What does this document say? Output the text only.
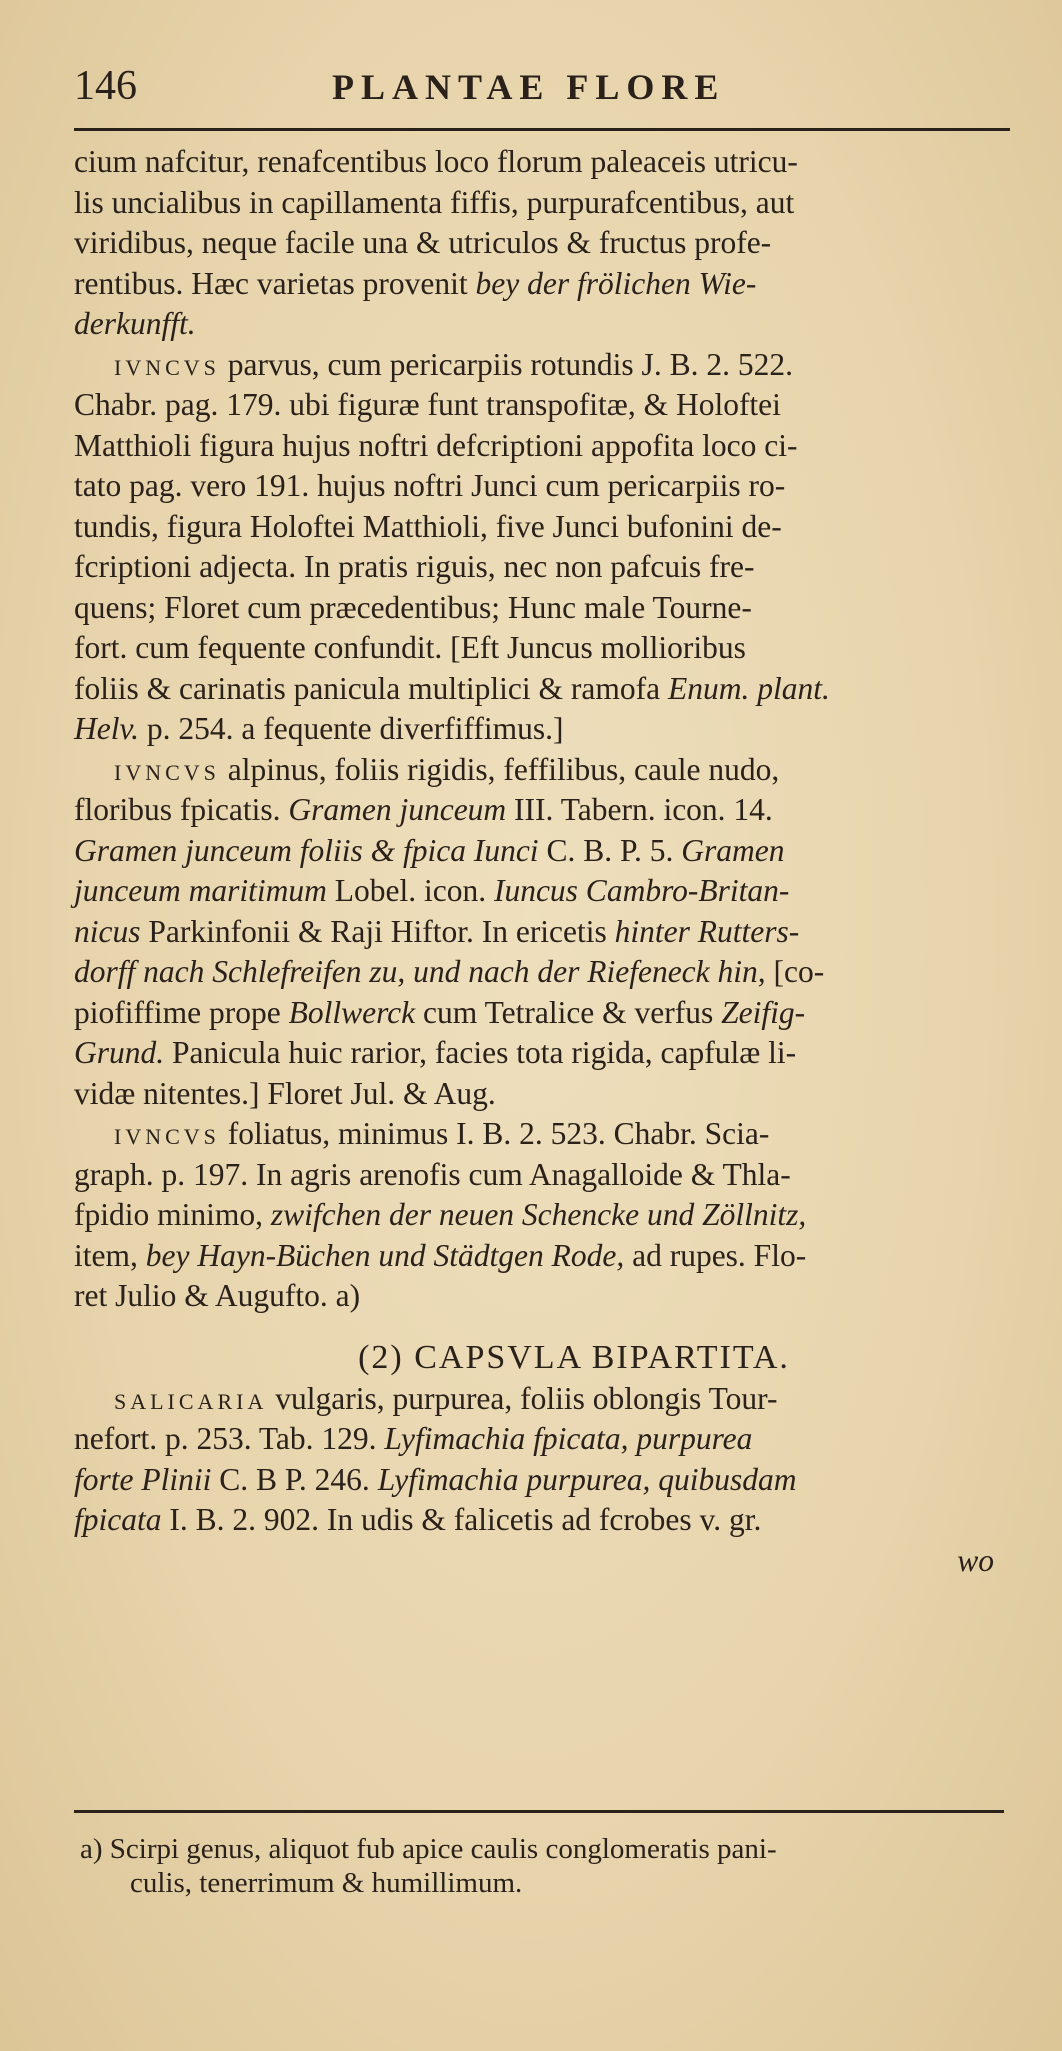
146	PLANTAE FLORE
cium nafcitur, renafcentibus loco florum paleaceis utricu-
lis uncialibus in capillamenta fiffis, purpurafcentibus, aut
viridibus, neque facile una & utriculos & fructus profe-
rentibus. Hæc varietas provenit bey der frölichen Wie-
derkunfft.
IVNCVS parvus, cum pericarpiis rotundis J. B. 2. 522.
Chabr. pag. 179. ubi figuræ funt transpofitæ, & Holoftei
Matthioli figura hujus noftri defcriptioni appofita loco ci-
tato pag. vero 191. hujus noftri Junci cum pericarpiis ro-
tundis, figura Holoftei Matthioli, five Junci bufonini de-
fcriptioni adjecta. In pratis riguis, nec non pafcuis fre-
quens; Floret cum præcedentibus; Hunc male Tourne-
fort. cum fequente confundit. [Eft Juncus mollioribus
foliis & carinatis panicula multiplici & ramofa Enum. plant.
Helv. p. 254. a fequente diverfiffimus.]
IVNCVS alpinus, foliis rigidis, feffilibus, caule nudo,
floribus fpicatis. Gramen junceum III. Tabern. icon. 14.
Gramen junceum foliis & fpica Iunci C. B. P. 5. Gramen
junceum maritimum Lobel. icon. Iuncus Cambro-Britan-
nicus Parkinfonii & Raji Hiftor. In ericetis hinter Rutters-
dorff nach Schlefreifen zu, und nach der Riefeneck hin, [co-
piofiffime prope Bollwerck cum Tetralice & verfus Zeifig-
Grund. Panicula huic rarior, facies tota rigida, capfulæ li-
vidæ nitentes.] Floret Jul. & Aug.
IVNCVS foliatus, minimus I. B. 2. 523. Chabr. Scia-
graph. p. 197. In agris arenofis cum Anagalloide & Thla-
fpidio minimo, zwifchen der neuen Schencke und Zöllnitz,
item, bey Hayn-Büchen und Städtgen Rode, ad rupes. Flo-
ret Julio & Augufto. a)
(2) CAPSVLA BIPARTITA.
SALICARIA vulgaris, purpurea, foliis oblongis Tour-
nefort. p. 253. Tab. 129. Lyfimachia fpicata, purpurea
forte Plinii C. B P. 246. Lyfimachia purpurea, quibusdam
fpicata I. B. 2. 902. In udis & falicetis ad fcrobes v. gr.
wo
a) Scirpi genus, aliquot fub apice caulis conglomeratis pani-
culis, tenerrimum & humillimum.
